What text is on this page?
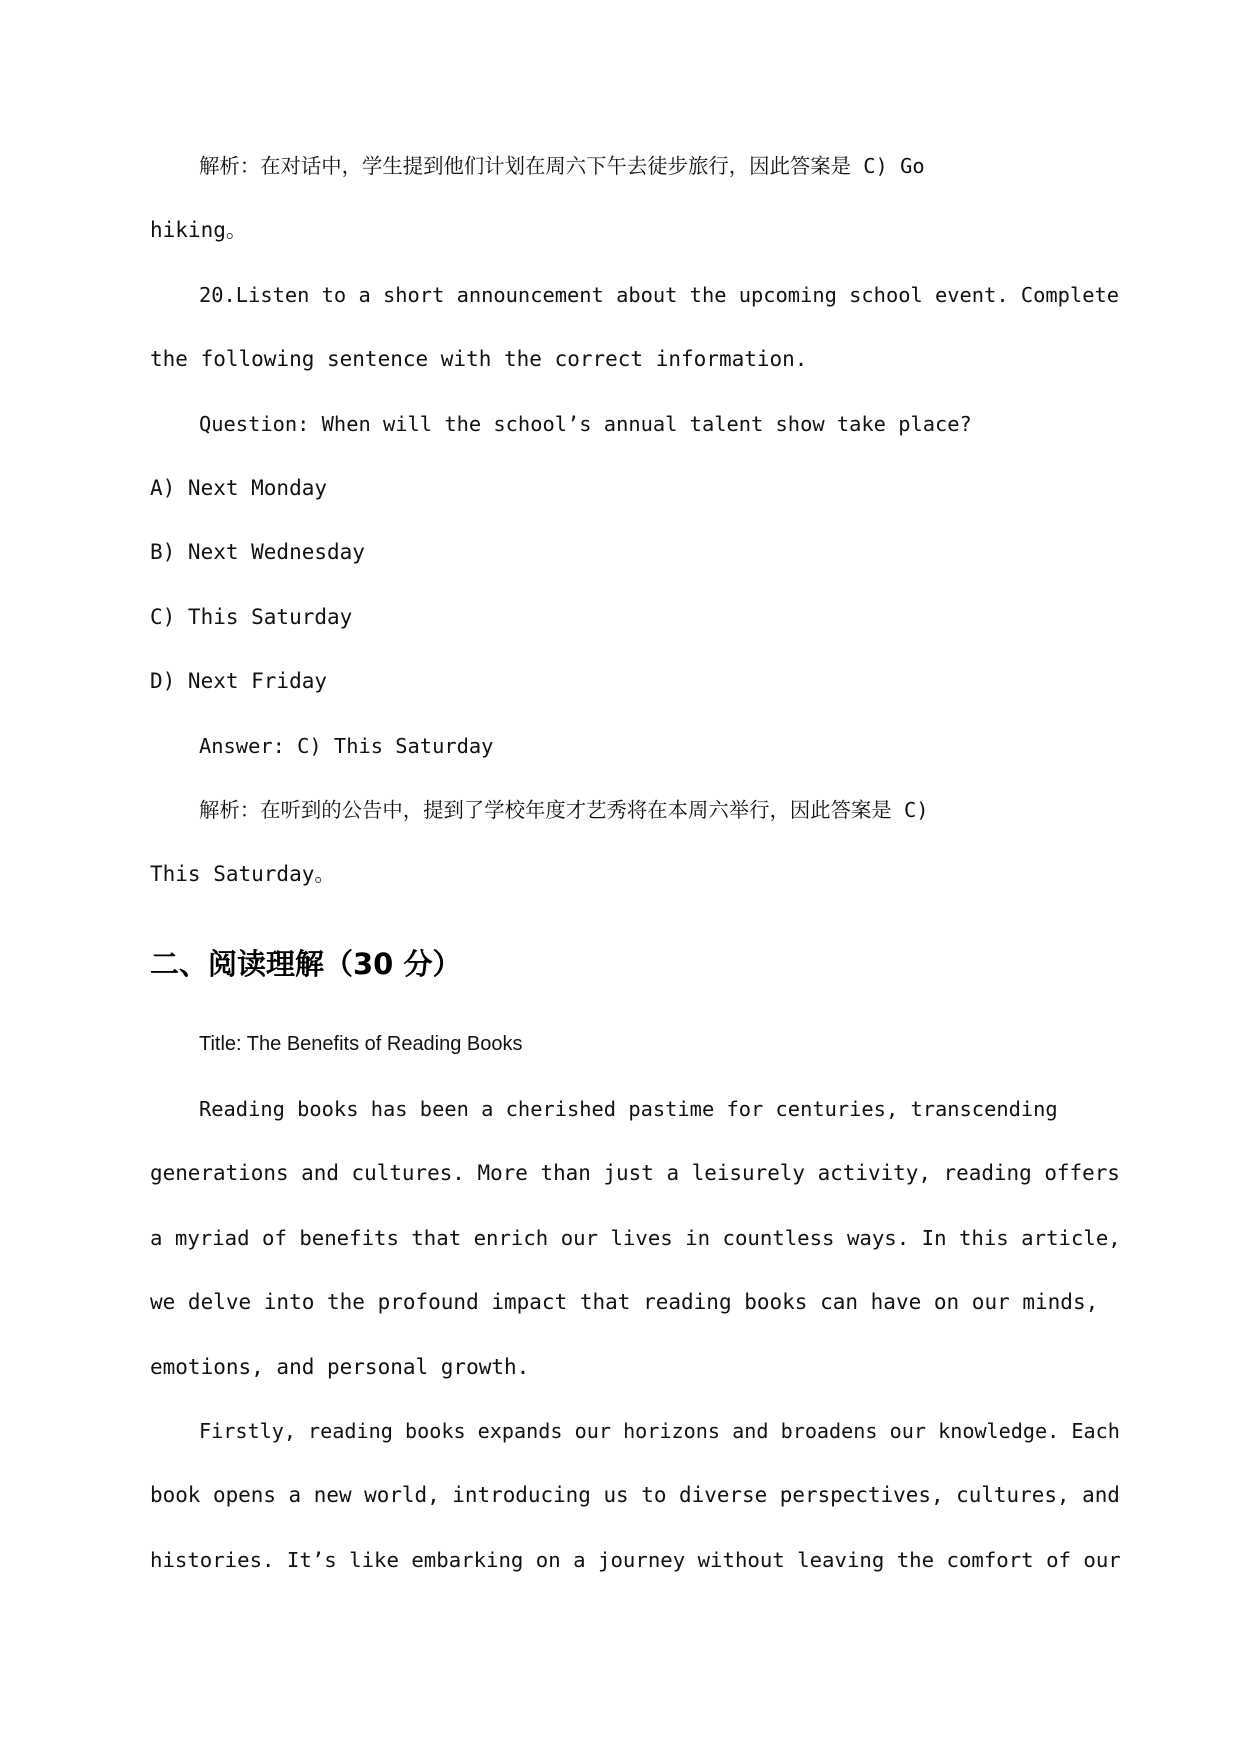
解析：在对话中，学生提到他们计划在周六下午去徒步旅行，因此答案是 C) Go
hiking。
20.Listen to a short announcement about the upcoming school event. Complete
the following sentence with the correct information.
Question: When will the school’s annual talent show take place?
A) Next Monday
B) Next Wednesday
C) This Saturday
D) Next Friday
Answer: C) This Saturday
解析：在听到的公告中，提到了学校年度才艺秀将在本周六举行，因此答案是 C)
This Saturday。
二、阅读理解（30 分）
Title: The Benefits of Reading Books
Reading books has been a cherished pastime for centuries, transcending
generations and cultures. More than just a leisurely activity, reading offers
a myriad of benefits that enrich our lives in countless ways. In this article,
we delve into the profound impact that reading books can have on our minds,
emotions, and personal growth.
Firstly, reading books expands our horizons and broadens our knowledge. Each
book opens a new world, introducing us to diverse perspectives, cultures, and
histories. It’s like embarking on a journey without leaving the comfort of our
